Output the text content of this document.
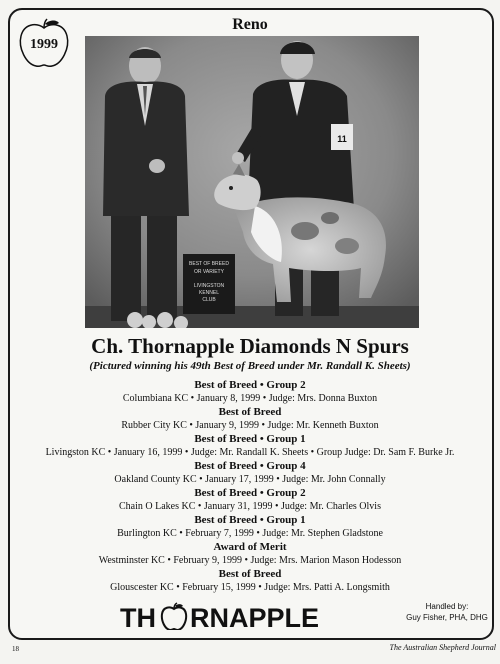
1999
Reno
BEST OF BREED
OR VARIETY
LIVINGSTON
KENNEL
CLUB
11
Ch. Thornapple Diamonds N Spurs
(Pictured winning his 49th Best of Breed under Mr. Randall K. Sheets)
Best of Breed • Group 2
Columbiana KC • January 8, 1999 • Judge: Mrs. Donna Buxton
Best of Breed
Rubber City KC • January 9, 1999 • Judge: Mr. Kenneth Buxton
Best of Breed • Group 1
Livingston KC • January 16, 1999 • Judge: Mr. Randall K. Sheets • Group Judge: Dr. Sam F. Burke Jr.
Best of Breed • Group 4
Oakland County KC • January 17, 1999 • Judge: Mr. John Connally
Best of Breed • Group 2
Chain O Lakes KC • January 31, 1999 • Judge: Mr. Charles Olvis
Best of Breed • Group 1
Burlington KC • February 7, 1999 • Judge: Mr. Stephen Gladstone
Award of Merit
Westminster KC • February 9, 1999 • Judge: Mrs. Marion Mason Hodesson
Best of Breed
Glouscester KC • February 15, 1999 • Judge: Mrs. Patti A. Longsmith
TH RNAPPLE	Handled by:
Guy Fisher, PHA, DHG
18	The Australian Shepherd Journal
